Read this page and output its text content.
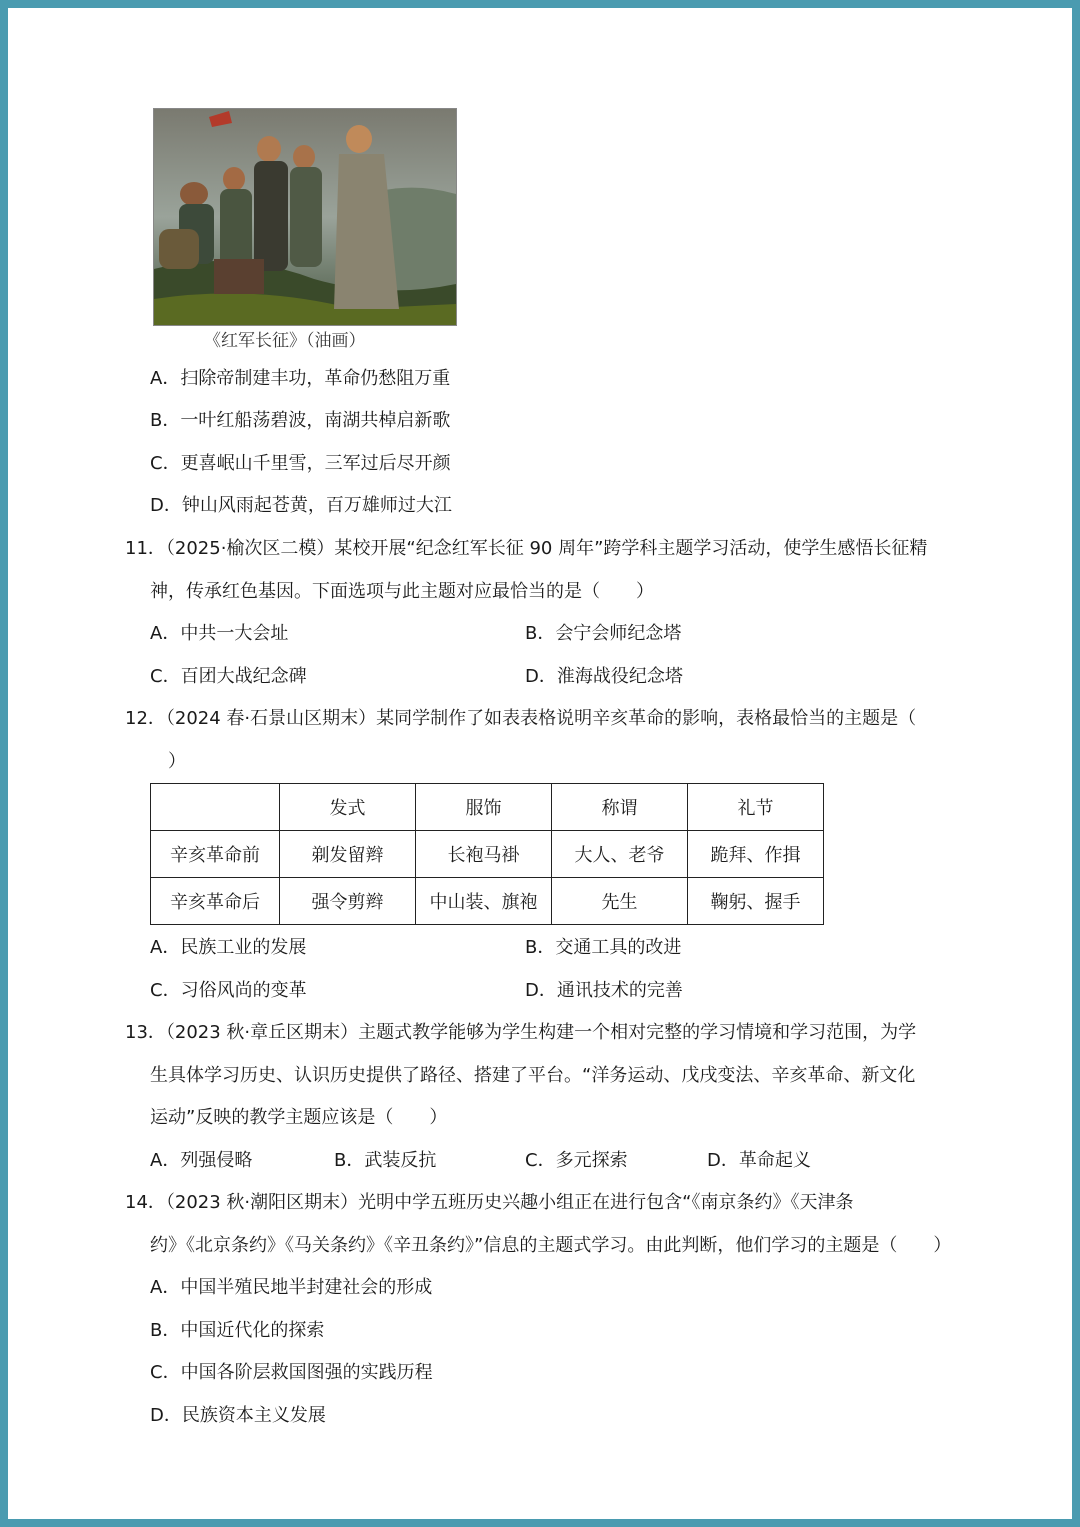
《红军长征》（油画）
A．扫除帝制建丰功，革命仍愁阻万重
B．一叶红船荡碧波，南湖共棹启新歌
C．更喜岷山千里雪，三军过后尽开颜
D．钟山风雨起苍黄，百万雄师过大江
11．（2025·榆次区二模）某校开展“纪念红军长征 90 周年”跨学科主题学习活动，使学生感悟长征精
神，传承红色基因。下面选项与此主题对应最恰当的是（　　）
A．中共一大会址	B．会宁会师纪念塔
C．百团大战纪念碑	D．淮海战役纪念塔
12．（2024 春·石景山区期末）某同学制作了如表表格说明辛亥革命的影响，表格最恰当的主题是（
）
	发式	服饰	称谓	礼节
辛亥革命前	剃发留辫	长袍马褂	大人、老爷	跪拜、作揖
辛亥革命后	强令剪辫	中山装、旗袍	先生	鞠躬、握手
A．民族工业的发展	B．交通工具的改进
C．习俗风尚的变革	D．通讯技术的完善
13．（2023 秋·章丘区期末）主题式教学能够为学生构建一个相对完整的学习情境和学习范围，为学
生具体学习历史、认识历史提供了路径、搭建了平台。“洋务运动、戊戌变法、辛亥革命、新文化
运动”反映的教学主题应该是（　　）
A．列强侵略	B．武装反抗	C．多元探索	D．革命起义
14．（2023 秋·潮阳区期末）光明中学五班历史兴趣小组正在进行包含“《南京条约》《天津条
约》《北京条约》《马关条约》《辛丑条约》”信息的主题式学习。由此判断，他们学习的主题是（　　）
A．中国半殖民地半封建社会的形成
B．中国近代化的探索
C．中国各阶层救国图强的实践历程
D．民族资本主义发展
